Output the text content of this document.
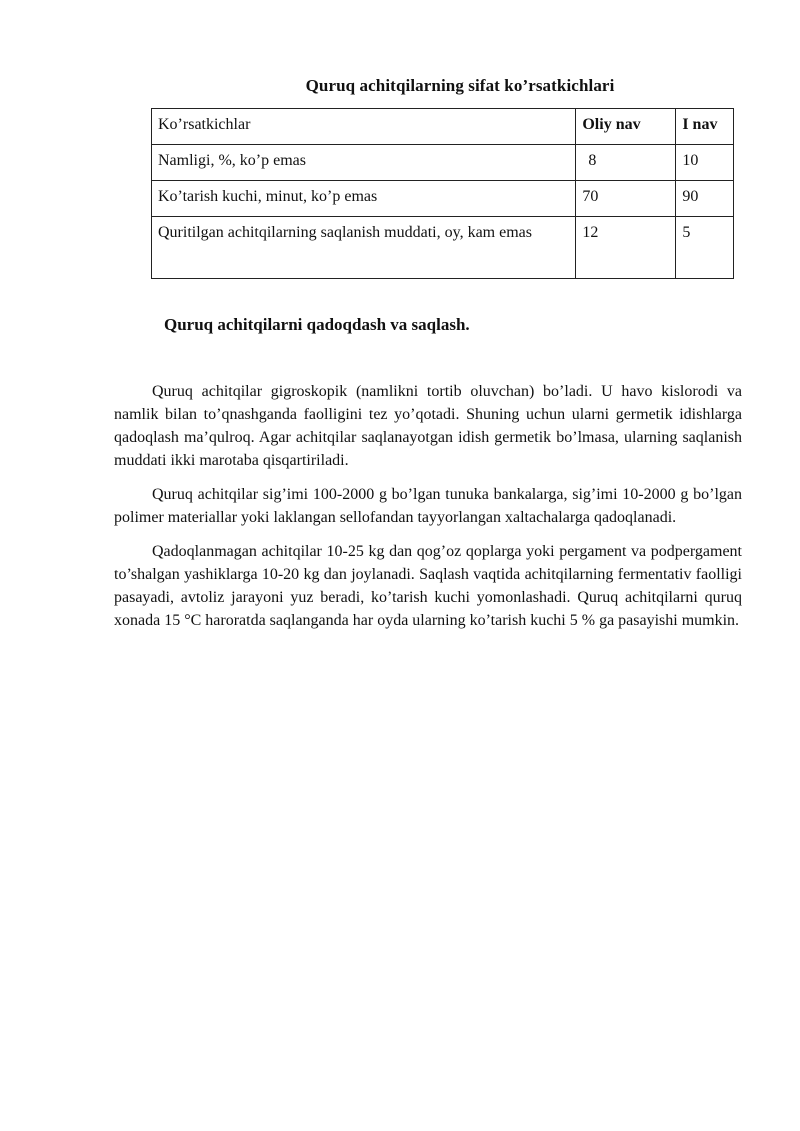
Quruq achitqilarning sifat ko’rsatkichlari
Ko’rsatkichlar	Oliy nav	I nav
Namligi, %, ko’p emas	8	10
Ko’tarish kuchi, minut, ko’p emas	70	90
Quritilgan achitqilarning saqlanish muddati, oy, kam emas	12	5
Quruq achitqilarni qadoqdash va saqlash.

Quruq achitqilar gigroskopik (namlikni tortib oluvchan) bo’ladi. U havo kislorodi va namlik bilan to’qnashganda faolligini tez yo’qotadi. Shuning uchun ularni germetik idishlarga qadoqlash ma’qulroq. Agar achitqilar saqlanayotgan idish germetik bo’lmasa, ularning saqlanish muddati ikki marotaba qisqartiriladi.

Quruq achitqilar sig’imi 100-2000 g bo’lgan tunuka bankalarga, sig’imi 10-2000 g bo’lgan polimer materiallar yoki laklangan sellofandan tayyorlangan xaltachalarga qadoqlanadi.

Qadoqlanmagan achitqilar 10-25 kg dan qog’oz qoplarga yoki pergament va podpergament to’shalgan yashiklarga 10-20 kg dan joylanadi. Saqlash vaqtida achitqilarning fermentativ faolligi pasayadi, avtoliz jarayoni yuz beradi, ko’tarish kuchi yomonlashadi. Quruq achitqilarni quruq xonada 15 °C haroratda saqlanganda har oyda ularning ko’tarish kuchi 5 % ga pasayishi mumkin.
